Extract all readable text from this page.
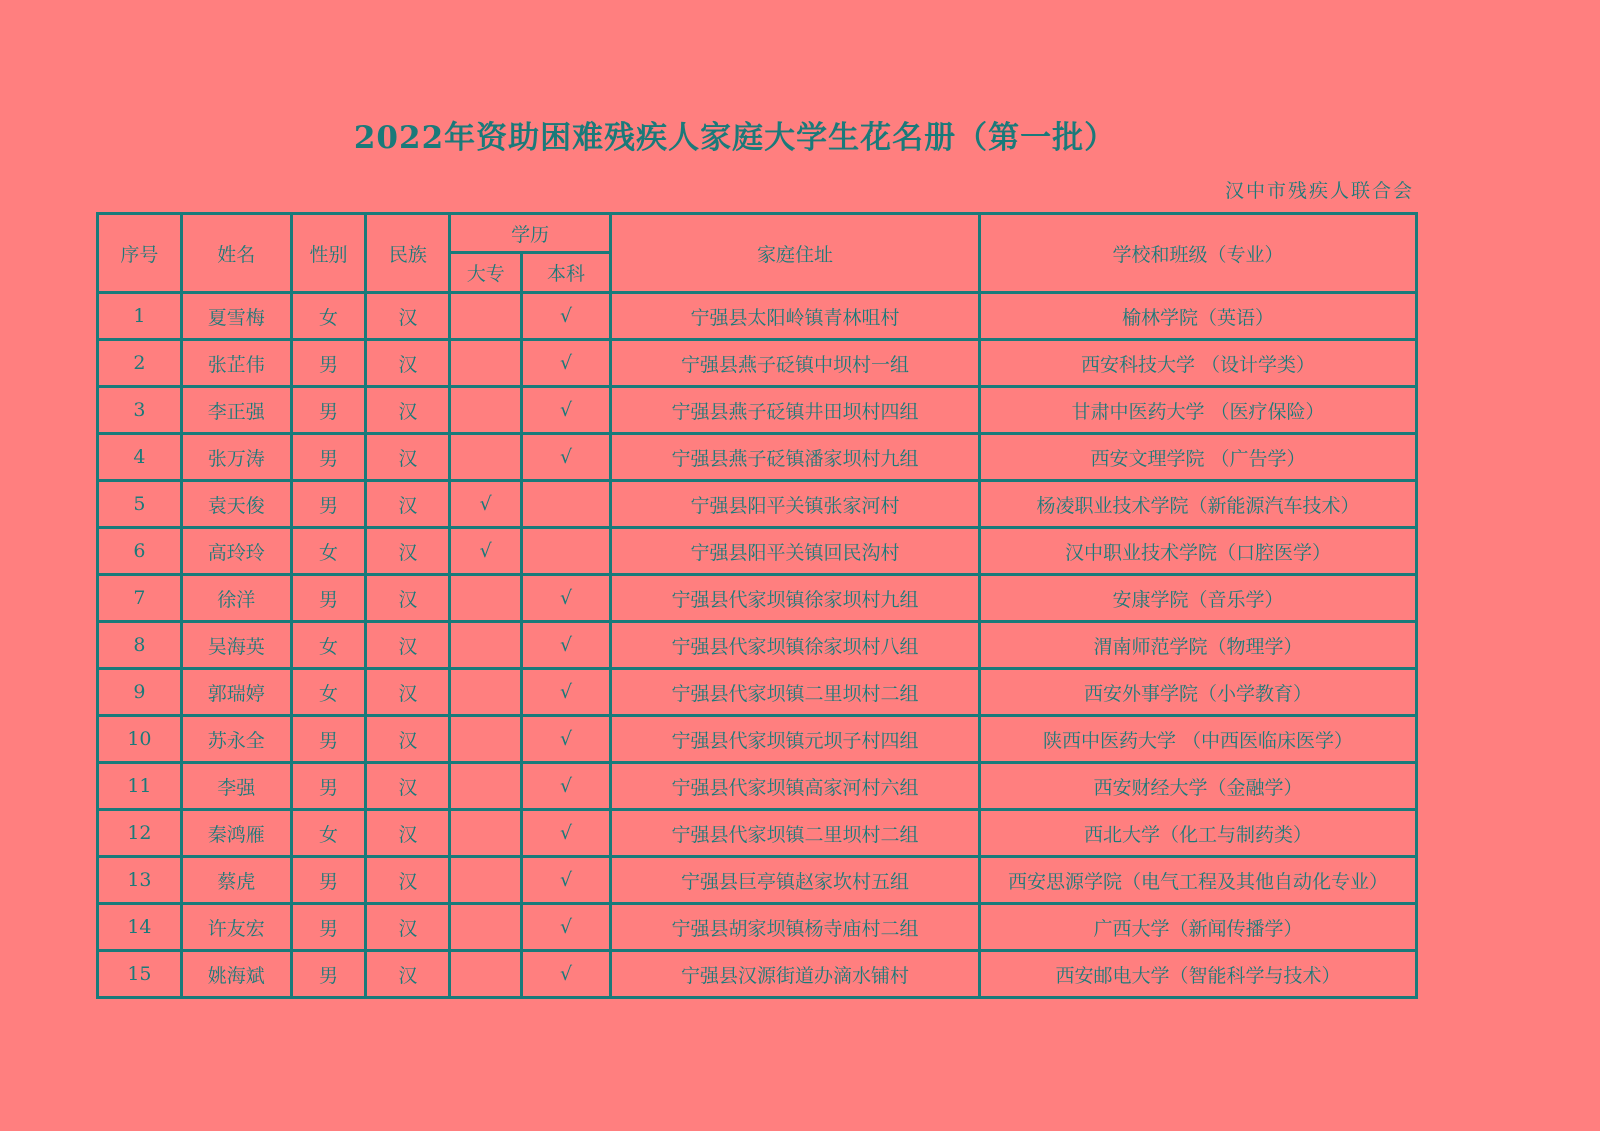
2022年资助困难残疾人家庭大学生花名册（第一批）
汉中市残疾人联合会
序号	姓名	性别	民族	学历		家庭住址	学校和班级（专业）
				大专	本科		
1	夏雪梅	女	汉		√	宁强县太阳岭镇青林咀村	榆林学院（英语）
2	张芷伟	男	汉		√	宁强县燕子砭镇中坝村一组	西安科技大学 （设计学类）
3	李正强	男	汉		√	宁强县燕子砭镇井田坝村四组	甘肃中医药大学 （医疗保险）
4	张万涛	男	汉		√	宁强县燕子砭镇潘家坝村九组	西安文理学院 （广告学）
5	袁天俊	男	汉	√		宁强县阳平关镇张家河村	杨凌职业技术学院（新能源汽车技术）
6	高玲玲	女	汉	√		宁强县阳平关镇回民沟村	汉中职业技术学院（口腔医学）
7	徐洋	男	汉		√	宁强县代家坝镇徐家坝村九组	安康学院（音乐学）
8	吴海英	女	汉		√	宁强县代家坝镇徐家坝村八组	渭南师范学院（物理学）
9	郭瑞婷	女	汉		√	宁强县代家坝镇二里坝村二组	西安外事学院（小学教育）
10	苏永全	男	汉		√	宁强县代家坝镇元坝子村四组	陕西中医药大学 （中西医临床医学）
11	李强	男	汉		√	宁强县代家坝镇高家河村六组	西安财经大学（金融学）
12	秦鸿雁	女	汉		√	宁强县代家坝镇二里坝村二组	西北大学（化工与制药类）
13	蔡虎	男	汉		√	宁强县巨亭镇赵家坎村五组	西安思源学院（电气工程及其他自动化专业）
14	许友宏	男	汉		√	宁强县胡家坝镇杨寺庙村二组	广西大学（新闻传播学）
15	姚海斌	男	汉		√	宁强县汉源街道办滴水铺村	西安邮电大学（智能科学与技术）
